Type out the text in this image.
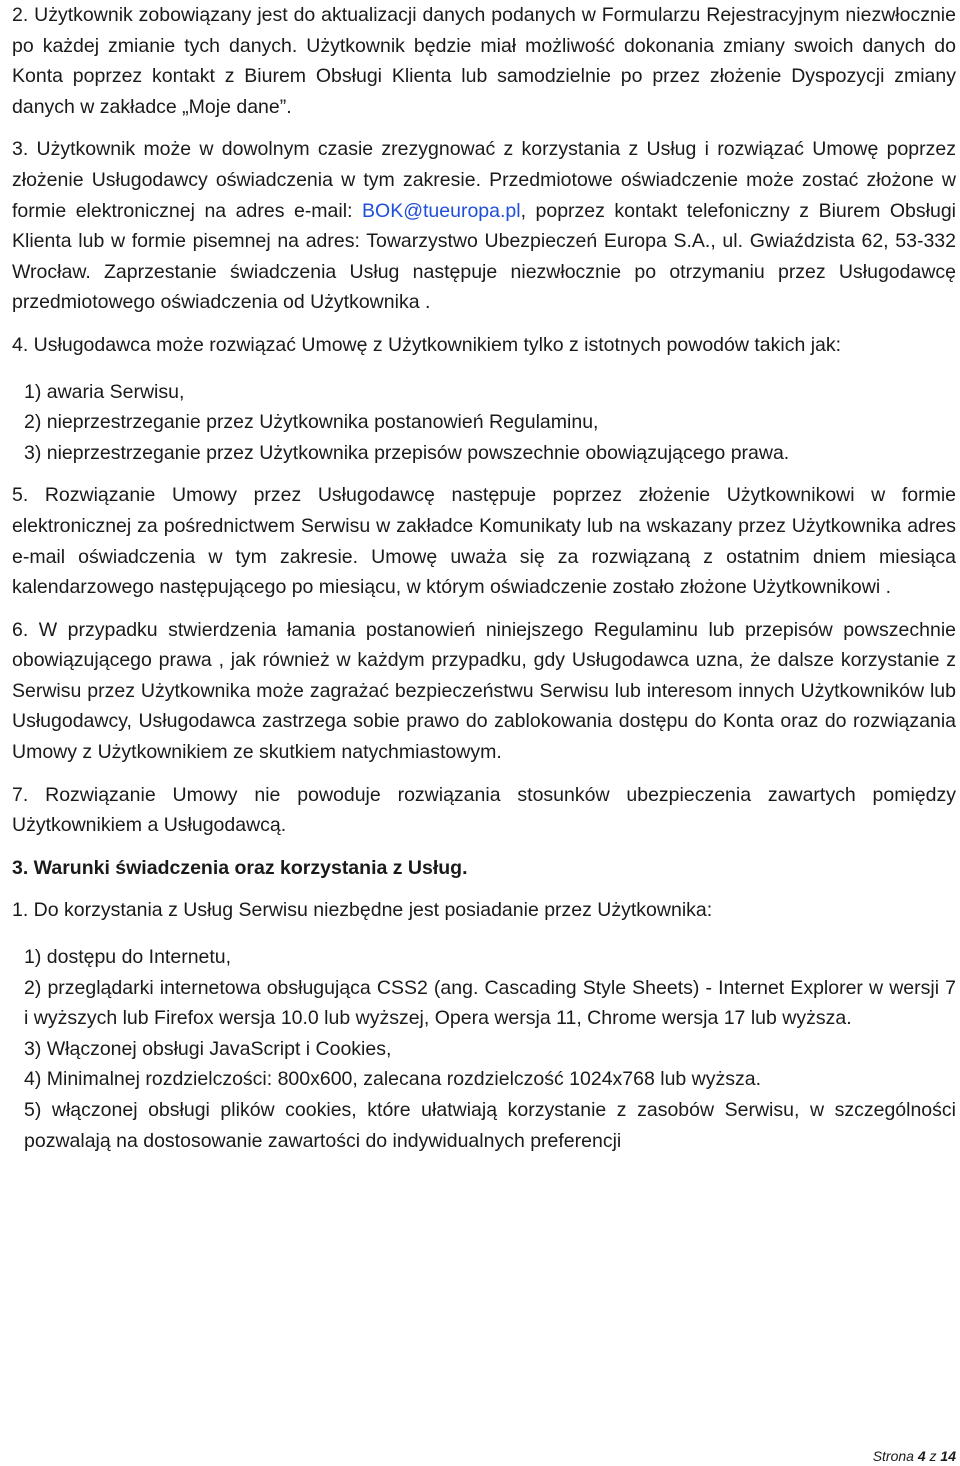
2. Użytkownik zobowiązany jest do aktualizacji danych podanych w Formularzu Rejestracyjnym niezwłocznie po każdej zmianie tych danych. Użytkownik będzie miał możliwość dokonania zmiany swoich danych do Konta poprzez kontakt z Biurem Obsługi Klienta lub samodzielnie po przez złożenie Dyspozycji zmiany danych w zakładce „Moje dane”.

3. Użytkownik może w dowolnym czasie zrezygnować z korzystania z Usług i rozwiązać Umowę poprzez złożenie Usługodawcy oświadczenia w tym zakresie. Przedmiotowe oświadczenie może zostać złożone w formie elektronicznej na adres e-mail: BOK@tueuropa.pl, poprzez kontakt telefoniczny z Biurem Obsługi Klienta lub w formie pisemnej na adres: Towarzystwo Ubezpieczeń Europa S.A., ul. Gwiaździsta 62, 53-332 Wrocław. Zaprzestanie świadczenia Usług następuje niezwłocznie po otrzymaniu przez Usługodawcę przedmiotowego oświadczenia od Użytkownika .

4. Usługodawca może rozwiązać Umowę z Użytkownikiem tylko z istotnych powodów takich jak:

1) awaria Serwisu,

2) nieprzestrzeganie przez Użytkownika postanowień Regulaminu,

3) nieprzestrzeganie przez Użytkownika przepisów powszechnie obowiązującego prawa.

5. Rozwiązanie Umowy przez Usługodawcę następuje poprzez złożenie Użytkownikowi w formie elektronicznej za pośrednictwem Serwisu w zakładce Komunikaty lub na wskazany przez Użytkownika adres e-mail oświadczenia w tym zakresie. Umowę uważa się za rozwiązaną z ostatnim dniem miesiąca kalendarzowego następującego po miesiącu, w którym oświadczenie zostało złożone Użytkownikowi .

6. W przypadku stwierdzenia łamania postanowień niniejszego Regulaminu lub przepisów powszechnie obowiązującego prawa , jak również w każdym przypadku, gdy Usługodawca uzna, że dalsze korzystanie z Serwisu przez Użytkownika może zagrażać bezpieczeństwu Serwisu lub interesom innych Użytkowników lub Usługodawcy, Usługodawca zastrzega sobie prawo do zablokowania dostępu do Konta oraz do rozwiązania Umowy z Użytkownikiem ze skutkiem natychmiastowym.

7. Rozwiązanie Umowy nie powoduje rozwiązania stosunków ubezpieczenia zawartych pomiędzy Użytkownikiem a Usługodawcą.

3. Warunki świadczenia oraz korzystania z Usług.

1. Do korzystania z Usług Serwisu niezbędne jest posiadanie przez Użytkownika:

1) dostępu do Internetu,

2) przeglądarki internetowa obsługująca CSS2 (ang. Cascading Style Sheets) - Internet Explorer w wersji 7 i wyższych lub Firefox wersja 10.0 lub wyższej, Opera wersja 11, Chrome wersja 17 lub wyższa.

3) Włączonej obsługi JavaScript i Cookies,

4) Minimalnej rozdzielczości: 800x600, zalecana rozdzielczość 1024x768 lub wyższa.

5) włączonej obsługi plików cookies, które ułatwiają korzystanie z zasobów Serwisu, w szczególności pozwalają na dostosowanie zawartości do indywidualnych preferencji

Strona 4 z 14
